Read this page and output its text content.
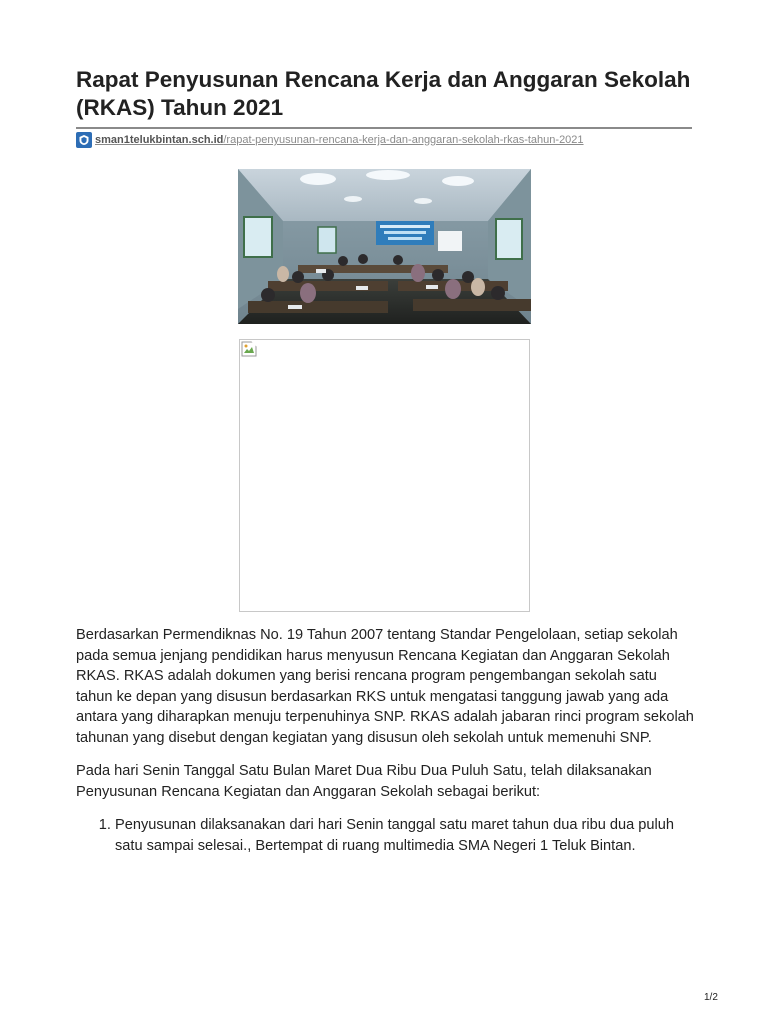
Rapat Penyusunan Rencana Kerja dan Anggaran Sekolah (RKAS) Tahun 2021
sman1telukbintan.sch.id/rapat-penyusunan-rencana-kerja-dan-anggaran-sekolah-rkas-tahun-2021

Berdasarkan Permendiknas No. 19 Tahun 2007 tentang Standar Pengelolaan, setiap sekolah pada semua jenjang pendidikan harus menyusun Rencana Kegiatan dan Anggaran Sekolah RKAS. RKAS adalah dokumen yang berisi rencana program pengembangan sekolah satu tahun ke depan yang disusun berdasarkan RKS untuk mengatasi tanggung jawab yang ada antara yang diharapkan menuju terpenuhinya SNP. RKAS adalah jabaran rinci program sekolah tahunan yang disebut dengan kegiatan yang disusun oleh sekolah untuk memenuhi SNP.

Pada hari Senin Tanggal Satu Bulan Maret Dua Ribu Dua Puluh Satu, telah dilaksanakan Penyusunan Rencana Kegiatan dan Anggaran Sekolah sebagai berikut:

1. Penyusunan dilaksanakan dari hari Senin tanggal satu maret tahun dua ribu dua puluh satu sampai selesai., Bertempat di ruang multimedia SMA Negeri 1 Teluk Bintan.
1/2
